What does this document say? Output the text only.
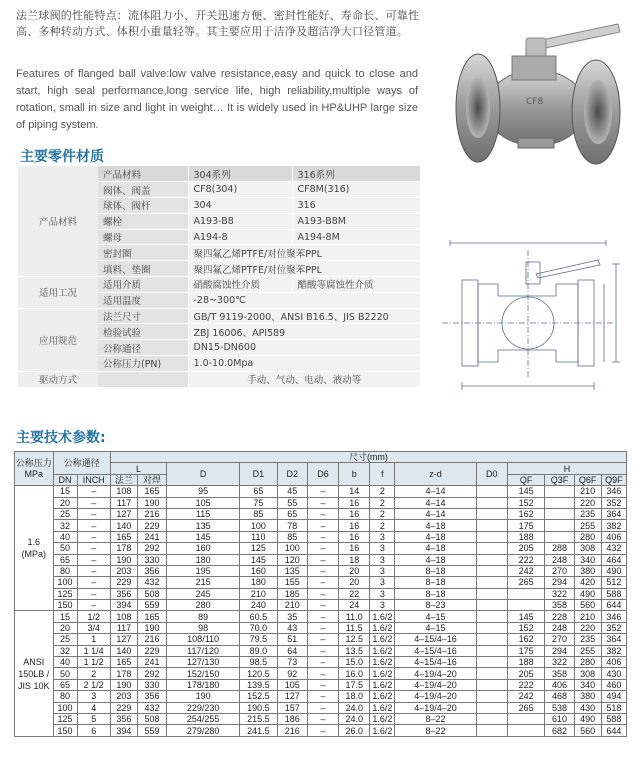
法兰球阀的性能特点：流体阻力小、开关迅速方便、密封性能好、寿命长、可靠性高、多种转动方式、体积小重量轻等。其主要应用于洁净及超洁净大口径管道。
Features of flanged ball valve:low valve resistance,easy and quick to close and start, high seal performance,long service life, high reliability,multiple ways of rotation, small in size and light in weight… It is widely used in HP&UHP large size of piping system.
CF8
主要零件材质
产品材料	产品材料	304系列	316系列
	阀体、阀盖	CF8(304)	CF8M(316)
	球体、阀杆	304	316
	螺栓	A193-B8	A193-B8M
	螺母	A194-8	A194-8M
	密封圈	聚四氟乙烯PTFE/对位聚苯PPL	
	填料、垫圈	聚四氟乙烯PTFE/对位聚苯PPL	
适用工况	适用介质	硝酸腐蚀性介质	醋酸等腐蚀性介质
	适用温度	-28~300℃	
应用规范	法兰尺寸	GB/T 9119-2000、ANSI B16.5、JIS B2220	
	检验试验	ZBJ 16006、API589	
	公称通径	DN15-DN600	
	公称压力(PN)	1.0-10.0Mpa	
驱动方式		手动、气动、电动、液动等	
主要技术参数:
公称压力MPa	公称通径		尺寸(mm)													
			L		D	D1	D2	D6	b	f	z-d	D0	H			
	DN	INCH	法兰	对焊									QF	Q3F	Q6F	Q9F
1.6 (MPa)	15	–	108	165	95	65	45	–	14	2	4–14		145		210	346
	20	–	117	190	105	75	55	–	16	2	4–14		152		220	352
	25	–	127	216	115	85	65	–	16	2	4–14		162		235	364
	32	–	140	229	135	100	78	–	16	2	4–18		175		255	382
	40	–	165	241	145	110	85	–	16	3	4–18		188		280	406
	50	–	178	292	160	125	100	–	16	3	4–18		205	288	308	432
	65	–	190	330	180	145	120	–	18	3	4–18		222	248	340	464
	80	–	203	356	195	160	135	–	20	3	8–18		242	270	380	490
	100	–	229	432	215	180	155	–	20	3	8–18		265	294	420	512
	125	–	356	508	245	210	185	–	22	3	8–18			322	490	588
	150	–	394	559	280	240	210	–	24	3	8–23			358	560	644
ANSI 150LB / JIS 10K	15	1/2	108	165	89	60.5	35	–	11.0	1.6/2	4–15		145	228	210	346
	20	3/4	117	190	98	70.0	43	–	11.5	1.6/2	4–15		152	248	220	352
	25	1	127	216	108/110	79.5	51	–	12.5	1.6/2	4–15/4–16		162	270	235	364
	32	1 1/4	140	229	117/120	89.0	64	–	13.5	1.6/2	4–15/4–16		175	294	255	382
	40	1 1/2	165	241	127/130	98.5	73	–	15.0	1.6/2	4–15/4–16		188	322	280	406
	50	2	178	292	152/150	120.5	92	–	16.0	1.6/2	4–19/4–20		205	358	308	430
	65	2 1/2	190	330	178/180	139.5	105	–	17.5	1.6/2	4–19/4–20		222	406	340	460
	80	3	203	356	190	152.5	127	–	18.0	1.6/2	4–19/4–20		242	468	380	494
	100	4	229	432	229/230	190.5	157	–	24.0	1.6/2	4–19/4–20		265	538	430	518
	125	5	356	508	254/255	215.5	186	–	24.0	1.6/2	8–22			610	490	588
	150	6	394	559	279/280	241.5	216	–	26.0	1.6/2	8–22			682	560	644
